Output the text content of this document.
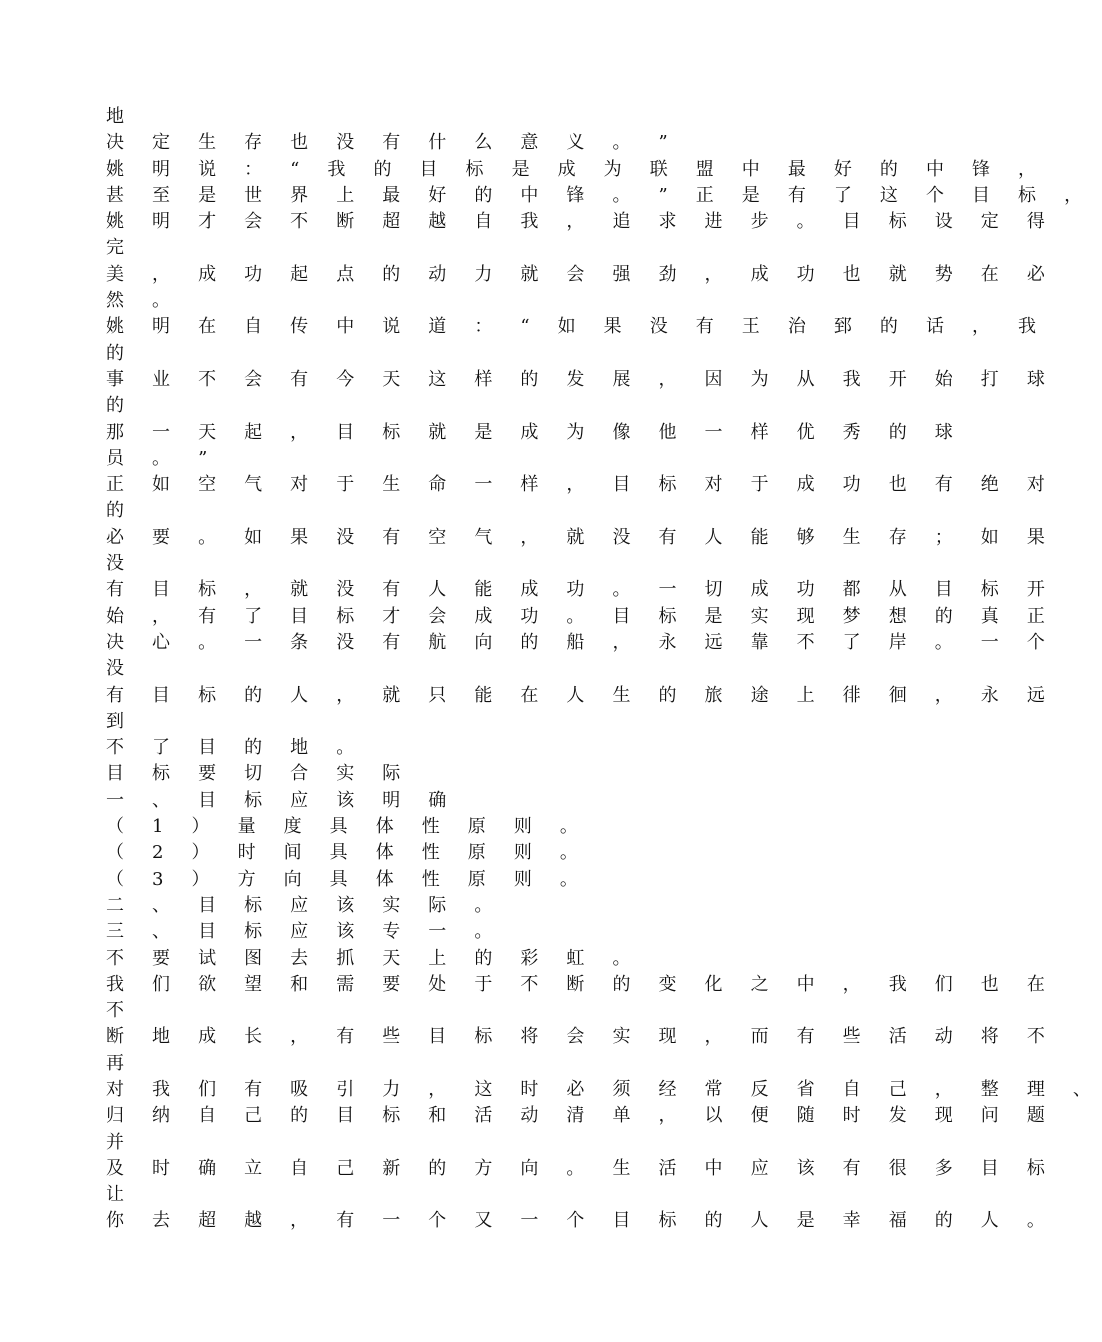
地
决 定 生 存 也 没 有 什 么 意 义 。 ”
姚 明 说 ： “ 我 的 目 标 是 成 为 联 盟 中 最 好 的 中 锋 ，
甚 至 是 世 界 上 最 好 的 中 锋 。 ” 正 是 有 了 这 个 目 标 ，
姚 明 才 会 不 断 超 越 自 我 ， 追 求 进 步 。 目 标 设 定 得
完
美 ， 成 功 起 点 的 动 力 就 会 强 劲 ， 成 功 也 就 势 在 必
然 。
姚 明 在 自 传 中 说 道 ： “ 如 果 没 有 王 治 郅 的 话 ， 我
的
事 业 不 会 有 今 天 这 样 的 发 展 ， 因 为 从 我 开 始 打 球
的
那 一 天 起 ， 目 标 就 是 成 为 像 他 一 样 优 秀 的 球
员 。 ”
正 如 空 气 对 于 生 命 一 样 ， 目 标 对 于 成 功 也 有 绝 对
的
必 要 。 如 果 没 有 空 气 ， 就 没 有 人 能 够 生 存 ； 如 果
没
有 目 标 ， 就 没 有 人 能 成 功 。 一 切 成 功 都 从 目 标 开
始 ， 有 了 目 标 才 会 成 功 。 目 标 是 实 现 梦 想 的 真 正
决 心 。 一 条 没 有 航 向 的 船 ， 永 远 靠 不 了 岸 。 一 个
没
有 目 标 的 人 ， 就 只 能 在 人 生 的 旅 途 上 徘 徊 ， 永 远
到
不 了 目 的 地 。
目 标 要 切 合 实 际
一 、 目 标 应 该 明 确
（ 1 ） 量 度 具 体 性 原 则 。
（ 2 ） 时 间 具 体 性 原 则 。
（ 3 ） 方 向 具 体 性 原 则 。
二 、 目 标 应 该 实 际 。
三 、 目 标 应 该 专 一 。
不 要 试 图 去 抓 天 上 的 彩 虹 。
我 们 欲 望 和 需 要 处 于 不 断 的 变 化 之 中 ， 我 们 也 在
不
断 地 成 长 ， 有 些 目 标 将 会 实 现 ， 而 有 些 活 动 将 不
再
对 我 们 有 吸 引 力 ， 这 时 必 须 经 常 反 省 自 己 ， 整 理 、
归 纳 自 己 的 目 标 和 活 动 清 单 ， 以 便 随 时 发 现 问 题
并
及 时 确 立 自 己 新 的 方 向 。 生 活 中 应 该 有 很 多 目 标
让
你 去 超 越 ， 有 一 个 又 一 个 目 标 的 人 是 幸 福 的 人 。
